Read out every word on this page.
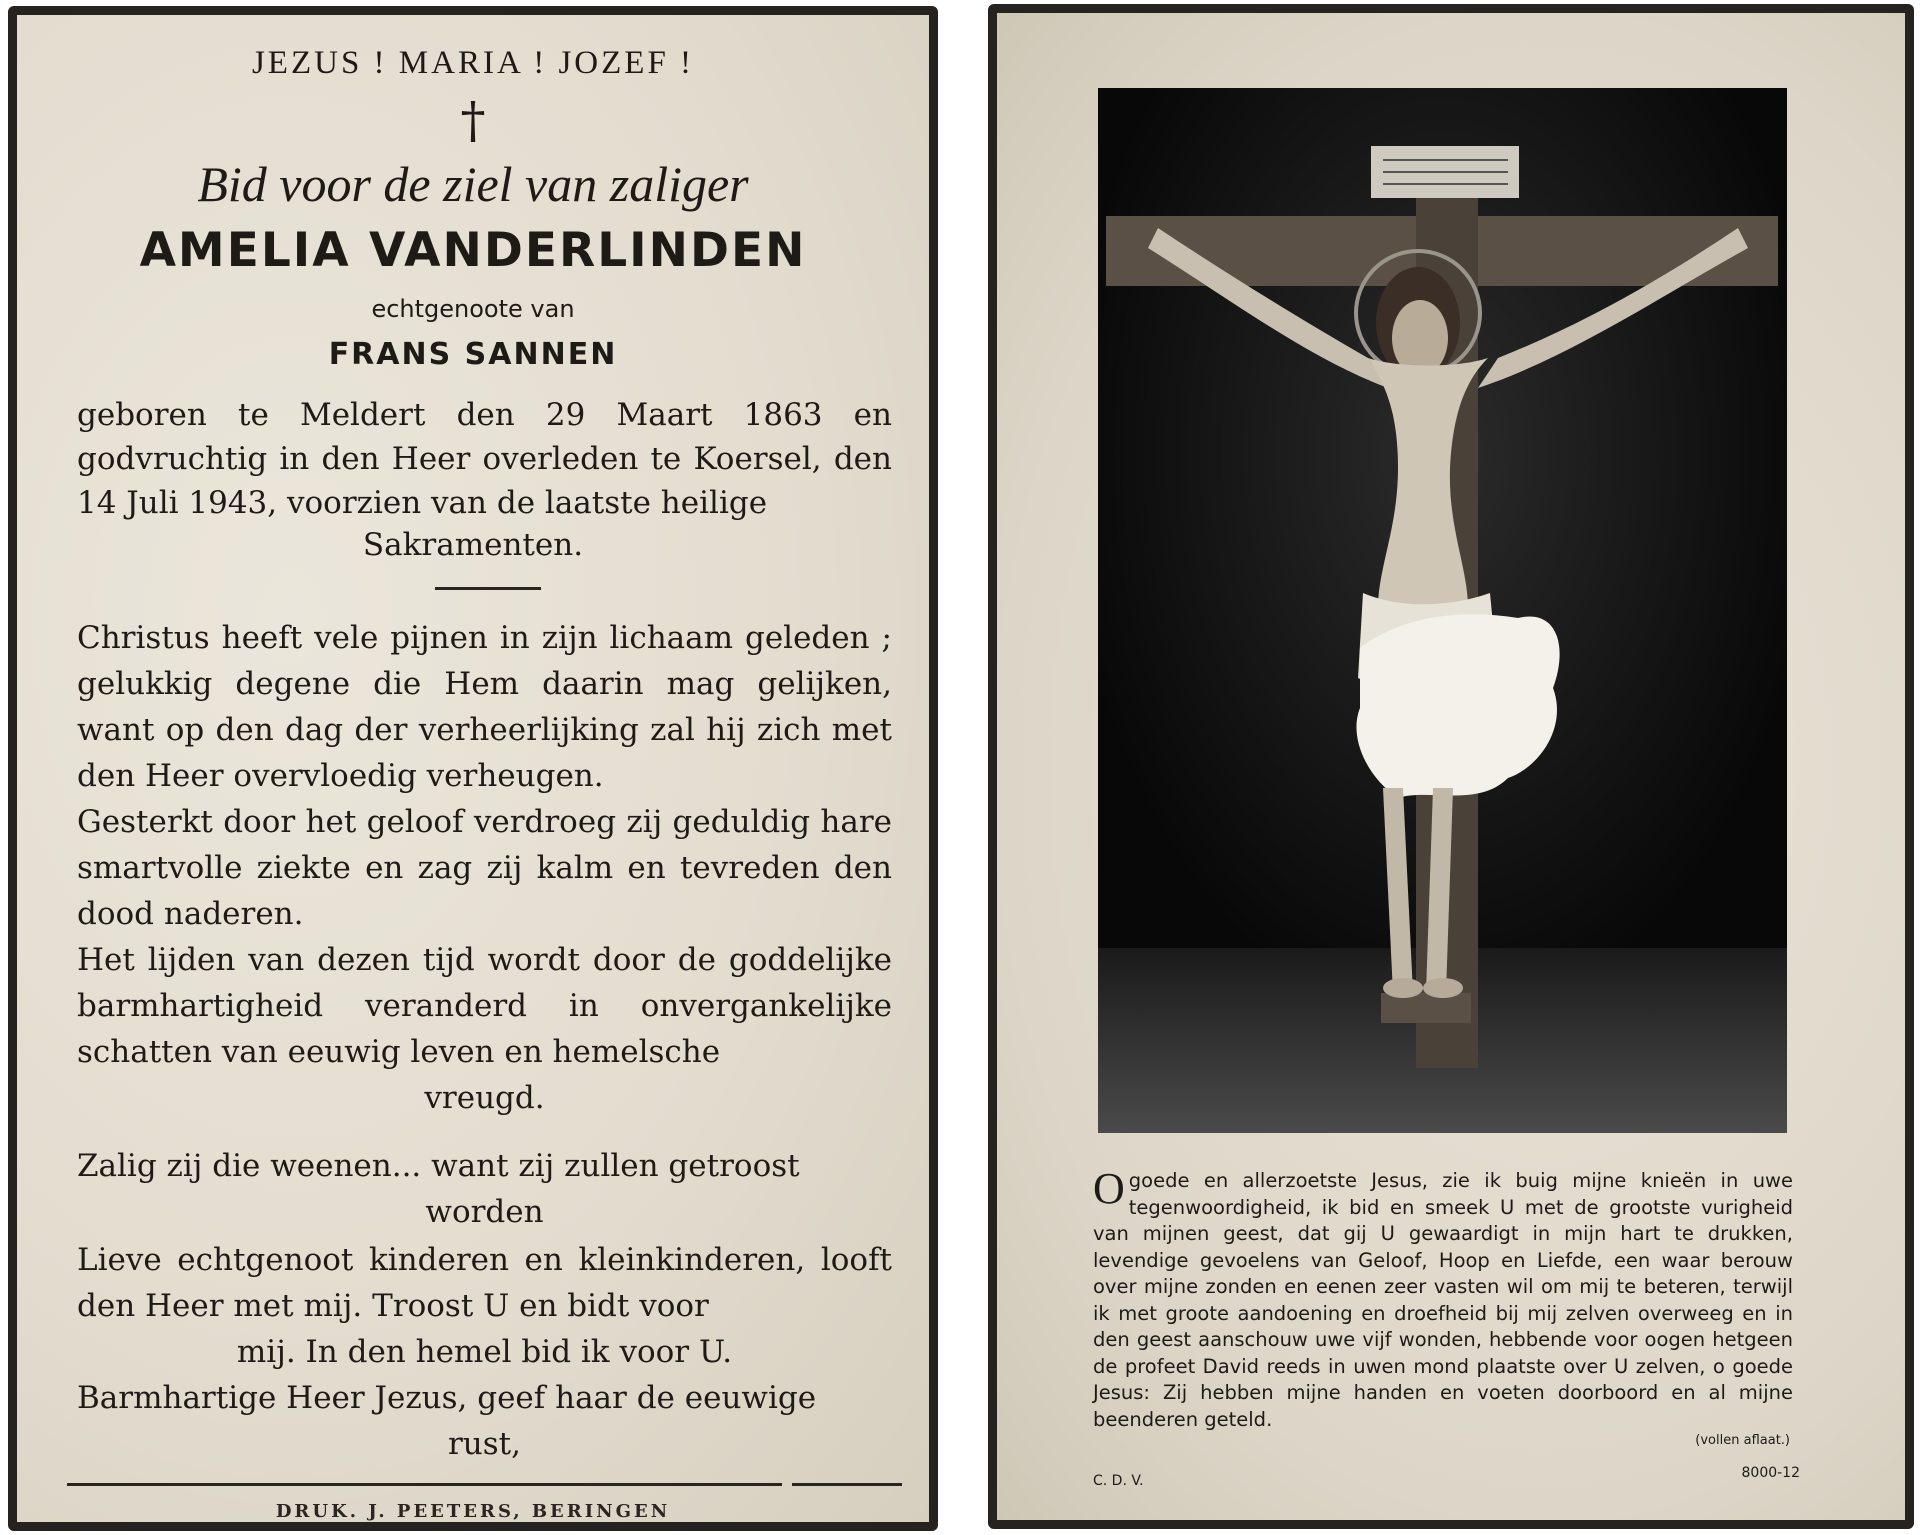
JEZUS ! MARIA ! JOZEF !
†
Bid voor de ziel van zaliger
AMELIA VANDERLINDEN
echtgenoote van
FRANS SANNEN
geboren te Meldert den 29 Maart 1863 en godvruchtig in den Heer overleden te Koersel, den 14 Juli 1943, voorzien van de laatste heilige
Sakramenten.

Christus heeft vele pijnen in zijn lichaam geleden ; gelukkig degene die Hem daarin mag gelijken, want op den dag der verheerlijking zal hij zich met den Heer overvloedig verheugen.

Gesterkt door het geloof verdroeg zij geduldig hare smartvolle ziekte en zag zij kalm en tevreden den dood naderen.

Het lijden van dezen tijd wordt door de goddelijke barmhartigheid veranderd in onvergankelijke schatten van eeuwig leven en hemelsche
vreugd.

Zalig zij die weenen... want zij zullen getroost
worden

Lieve echtgenoot kinderen en kleinkinderen, looft den Heer met mij. Troost U en bidt voor
mij. In den hemel bid ik voor U.

Barmhartige Heer Jezus, geef haar de eeuwige
rust,

DRUK. J. PEETERS, BERINGEN

Ogoede en allerzoetste Jesus, zie ik buig mijne knieën in uwe tegenwoordigheid, ik bid en smeek U met de grootste vurigheid van mijnen geest, dat gij U gewaardigt in mijn hart te drukken, levendige gevoelens van Geloof, Hoop en Liefde, een waar berouw over mijne zonden en eenen zeer vasten wil om mij te beteren, terwijl ik met groote aandoening en droefheid bij mij zelven overweeg en in den geest aanschouw uwe vijf wonden, hebbende voor oogen hetgeen de profeet David reeds in uwen mond plaatste over U zelven, o goede Jesus: Zij hebben mijne handen en voeten doorboord en al mijne beenderen geteld.

(vollen aflaat.)
C. D. V.	8000-12
